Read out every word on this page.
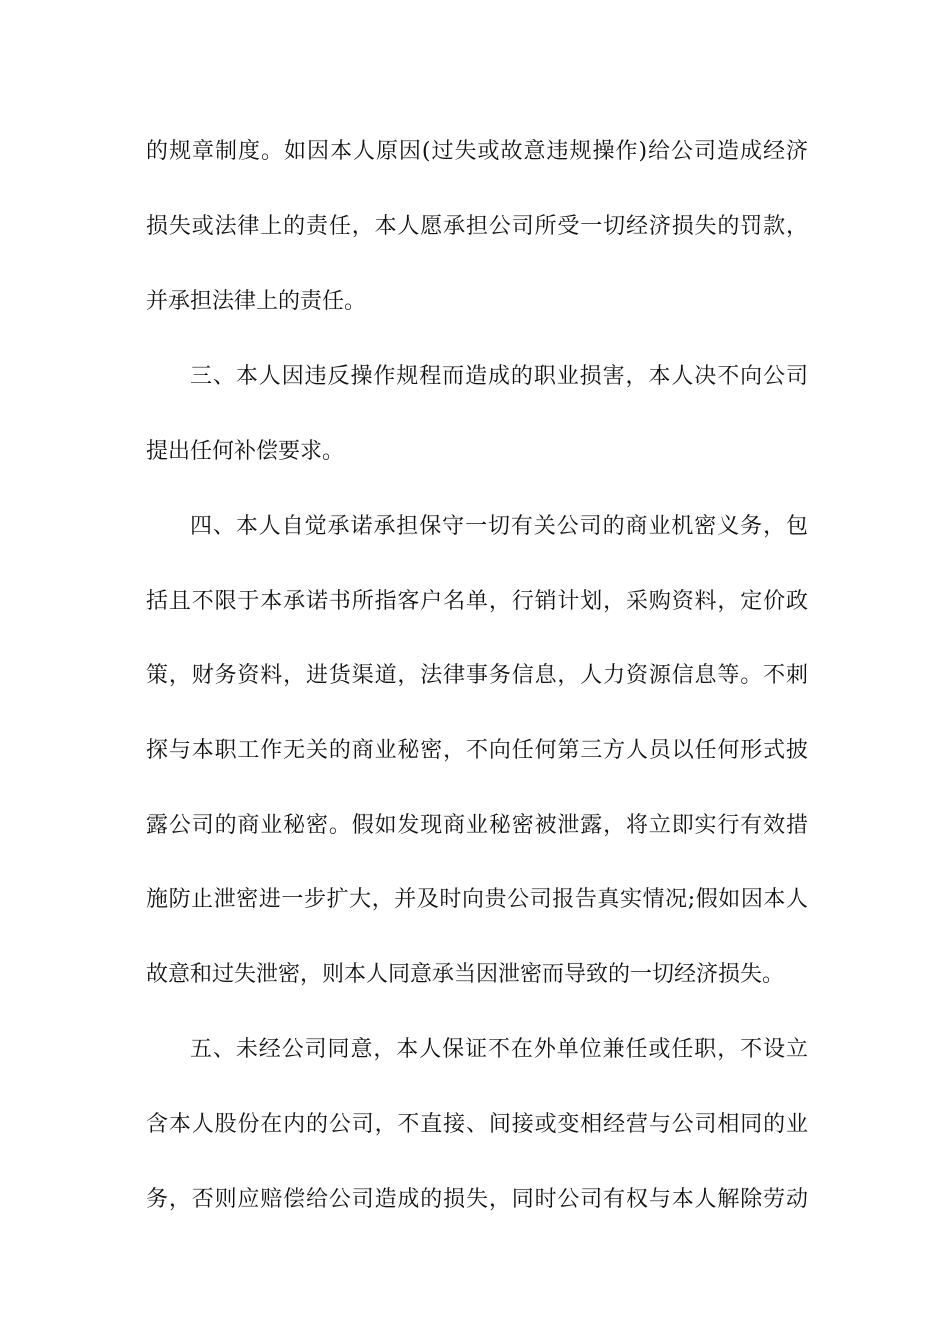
的规章制度。如因本人原因(过失或故意违规操作)给公司造成经济
损失或法律上的责任，本人愿承担公司所受一切经济损失的罚款，
并承担法律上的责任。
三、本人因违反操作规程而造成的职业损害，本人决不向公司
提出任何补偿要求。
四、本人自觉承诺承担保守一切有关公司的商业机密义务，包
括且不限于本承诺书所指客户名单，行销计划，采购资料，定价政
策，财务资料，进货渠道，法律事务信息，人力资源信息等。不刺
探与本职工作无关的商业秘密，不向任何第三方人员以任何形式披
露公司的商业秘密。假如发现商业秘密被泄露，将立即实行有效措
施防止泄密进一步扩大，并及时向贵公司报告真实情况;假如因本人
故意和过失泄密，则本人同意承当因泄密而导致的一切经济损失。
五、未经公司同意，本人保证不在外单位兼任或任职，不设立
含本人股份在内的公司，不直接、间接或变相经营与公司相同的业
务，否则应赔偿给公司造成的损失，同时公司有权与本人解除劳动
